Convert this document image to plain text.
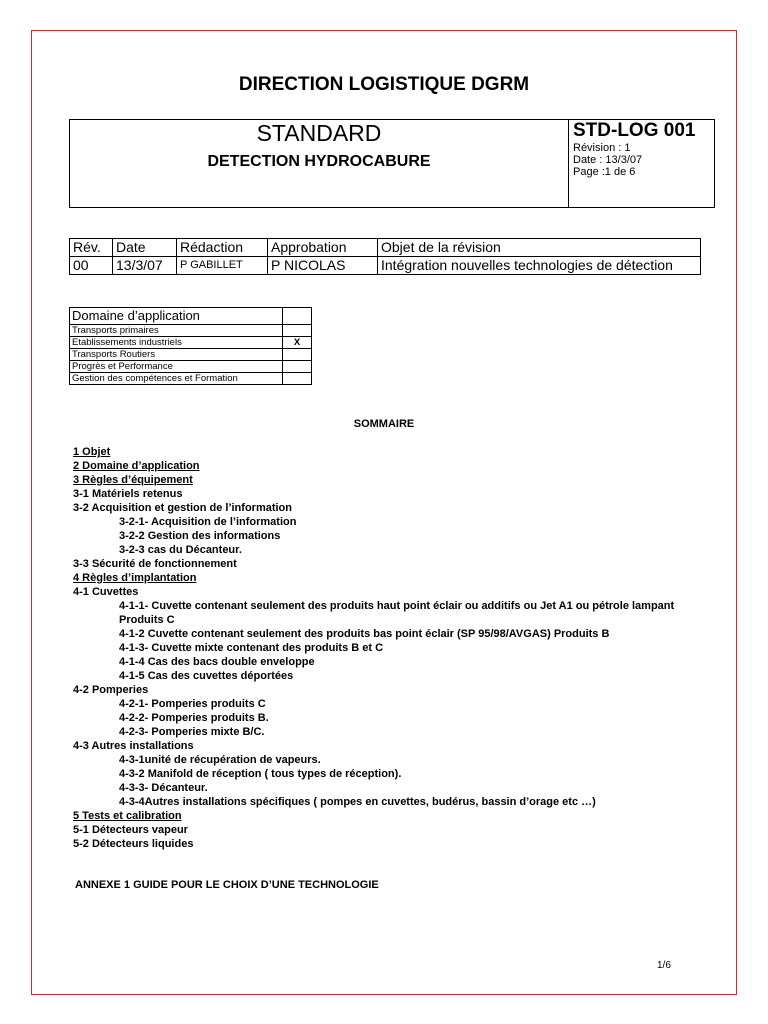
DIRECTION LOGISTIQUE DGRM
STANDARD
DETECTION HYDROCABURE
STD-LOG 001
Révision : 1
Date : 13/3/07
Page :1 de 6
Rév.	Date	Rédaction	Approbation	Objet de la révision
00	13/3/07	P GABILLET	P NICOLAS	Intégration nouvelles technologies de détection
Domaine d’application	
Transports primaires	
Etablissements industriels	X
Transports Routiers	
Progrès et Performance	
Gestion des compétences et Formation	
SOMMAIRE
1 Objet
2 Domaine d’application
3 Règles d’équipement
3-1 Matériels retenus
3-2 Acquisition et gestion de l’information
3-2-1- Acquisition de l’information
3-2-2 Gestion des informations
3-2-3 cas du Décanteur.
3-3 Sécurité de fonctionnement
4 Règles d’implantation
4-1 Cuvettes
4-1-1- Cuvette contenant seulement des produits haut point éclair ou additifs ou Jet A1 ou pétrole lampant Produits C
4-1-2 Cuvette contenant seulement des produits bas point éclair (SP 95/98/AVGAS) Produits B
4-1-3- Cuvette mixte contenant des produits B et C
4-1-4 Cas des bacs double enveloppe
4-1-5 Cas des cuvettes déportées
4-2 Pomperies
4-2-1- Pomperies produits C
4-2-2- Pomperies produits B.
4-2-3- Pomperies mixte B/C.
4-3 Autres installations
4-3-1unité de récupération de vapeurs.
4-3-2 Manifold de réception ( tous types de réception).
4-3-3- Décanteur.
4-3-4Autres installations spécifiques ( pompes en cuvettes, budérus, bassin d’orage etc …)
5 Tests et calibration
5-1 Détecteurs vapeur
5-2 Détecteurs liquides
ANNEXE 1 GUIDE POUR LE CHOIX D’UNE TECHNOLOGIE
1/6
